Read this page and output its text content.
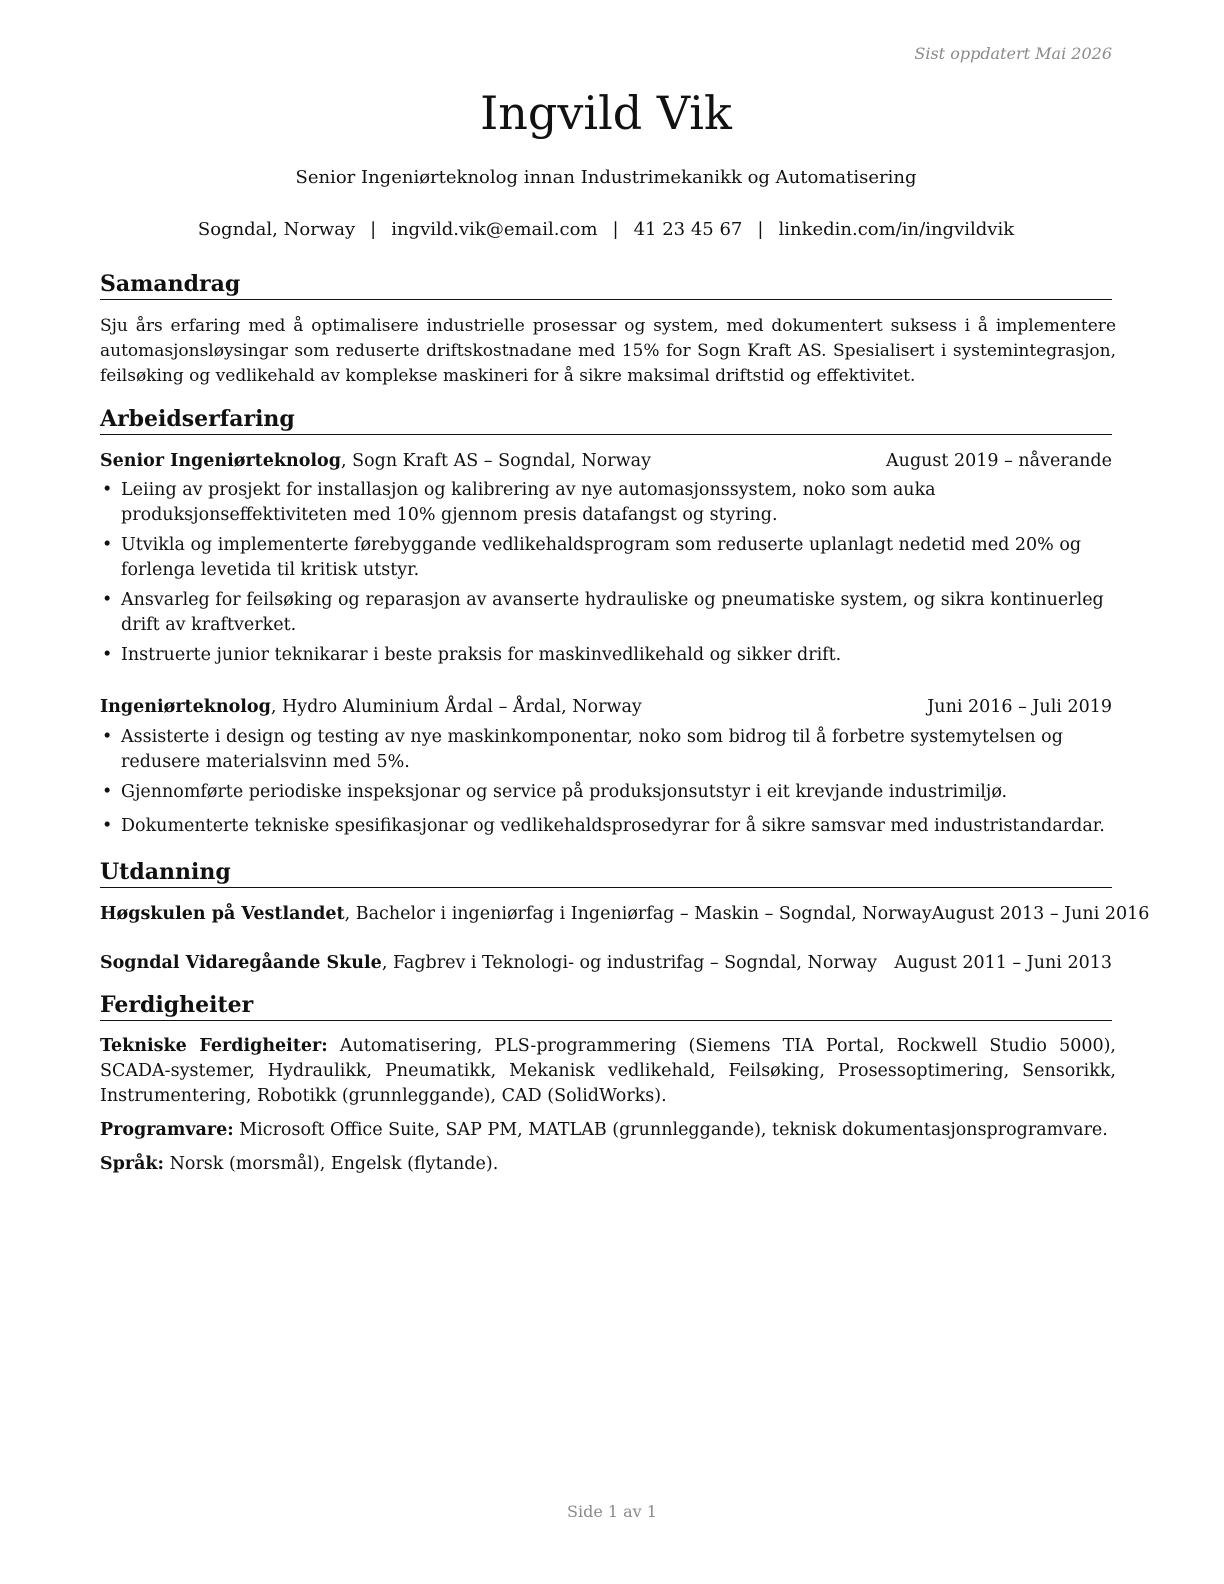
Sist oppdatert Mai 2026
Ingvild Vik
Senior Ingeniørteknolog innan Industrimekanikk og Automatisering
Sogndal, Norway | ingvild.vik@email.com | 41 23 45 67 | linkedin.com/in/ingvildvik
Samandrag
Sju års erfaring med å optimalisere industrielle prosessar og system, med dokumentert suksess i å implementere automasjonsløysingar som reduserte driftskostnadane med 15% for Sogn Kraft AS. Spesialisert i systemintegrasjon, feilsøking og vedlikehald av komplekse maskineri for å sikre maksimal driftstid og effektivitet.
Arbeidserfaring
Senior Ingeniørteknolog, Sogn Kraft AS – Sogndal, Norway	August 2019 – nåverande
• Leiing av prosjekt for installasjon og kalibrering av nye automasjonssystem, noko som auka produksjonseffektiviteten med 10% gjennom presis datafangst og styring.
• Utvikla og implementerte førebyggande vedlikehaldsprogram som reduserte uplanlagt nedetid med 20% og forlenga levetida til kritisk utstyr.
• Ansvarleg for feilsøking og reparasjon av avanserte hydrauliske og pneumatiske system, og sikra kontinuerleg drift av kraftverket.
• Instruerte junior teknikarar i beste praksis for maskinvedlikehald og sikker drift.
Ingeniørteknolog, Hydro Aluminium Årdal – Årdal, Norway	Juni 2016 – Juli 2019
• Assisterte i design og testing av nye maskinkomponentar, noko som bidrog til å forbetre systemytelsen og redusere materialsvinn med 5%.
• Gjennomførte periodiske inspeksjonar og service på produksjonsutstyr i eit krevjande industrimiljø.
• Dokumenterte tekniske spesifikasjonar og vedlikehaldsprosedyrar for å sikre samsvar med industristandardar.
Utdanning
Høgskulen på Vestlandet, Bachelor i ingeniørfag i Ingeniørfag – Maskin – Sogndal, Norway August 2013 – Juni 2016
Sogndal Vidaregåande Skule, Fagbrev i Teknologi- og industrifag – Sogndal, Norway August 2011 – Juni 2013
Ferdigheiter
Tekniske Ferdigheiter: Automatisering, PLS-programmering (Siemens TIA Portal, Rockwell Studio 5000), SCADA-systemer, Hydraulikk, Pneumatikk, Mekanisk vedlikehald, Feilsøking, Prosessoptimering, Sensorikk, Instrumentering, Robotikk (grunnleggande), CAD (SolidWorks).
Programvare: Microsoft Office Suite, SAP PM, MATLAB (grunnleggande), teknisk dokumentasjonsprogramvare.
Språk: Norsk (morsmål), Engelsk (flytande).
Side 1 av 1
